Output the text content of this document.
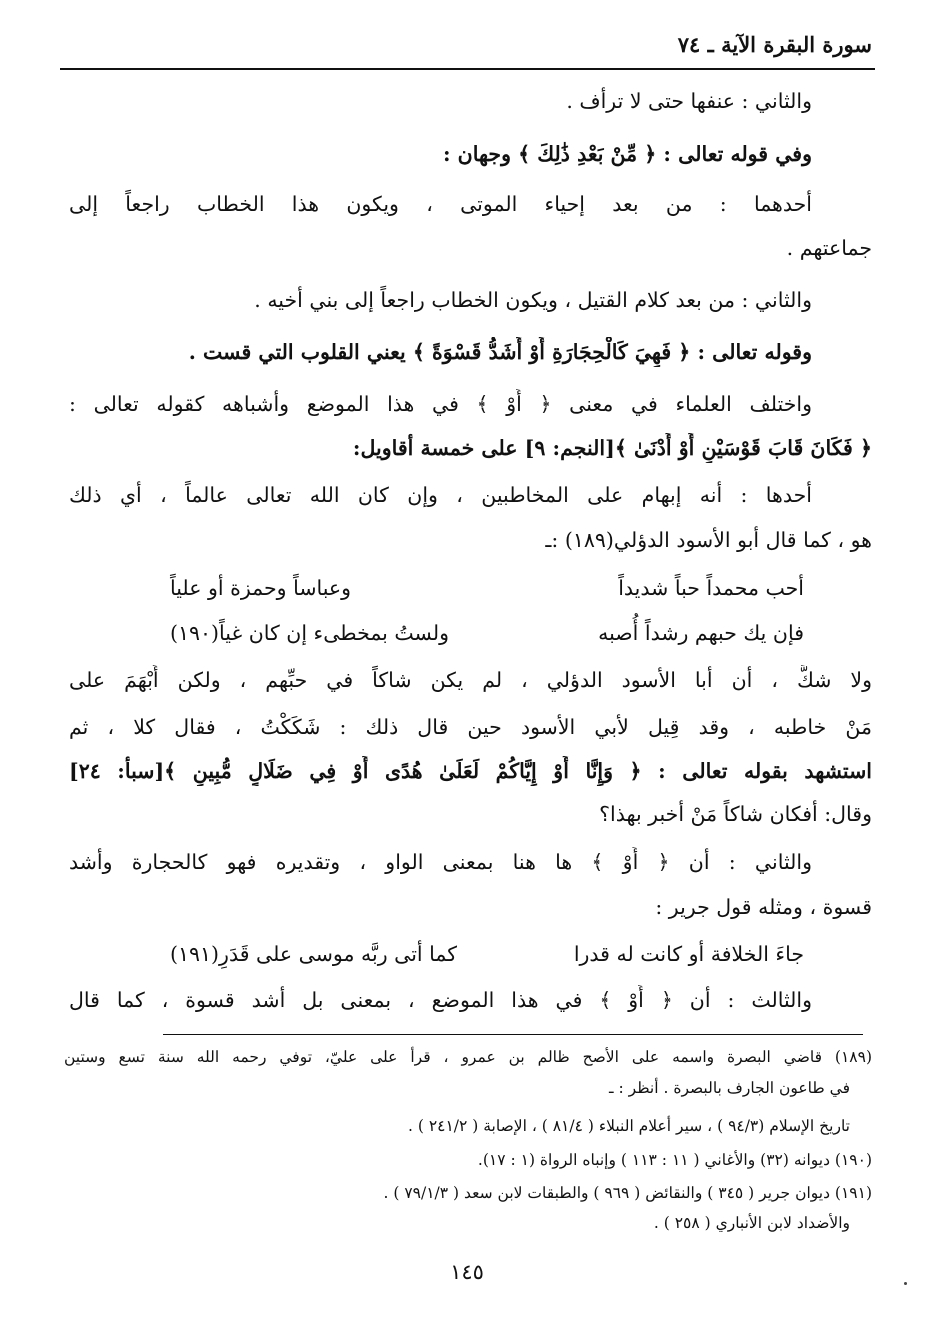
سورة البقرة الآية ـ ٧٤
والثاني : عنفها حتى لا ترأف .
وفي قوله تعالى : ﴿ مِّنْ بَعْدِ ذَٰلِكَ ﴾ وجهان :
أحدهما : من بعد إحياء الموتى ، ويكون هذا الخطاب راجعاً إلى
جماعتهم .
والثاني : من بعد كلام القتيل ، ويكون الخطاب راجعاً إلى بني أخيه .
وقوله تعالى : ﴿ فَهِيَ كَالْحِجَارَةِ أَوْ أَشَدُّ قَسْوَةً ﴾ يعني القلوب التي قست .
واختلف العلماء في معنى ﴿ أَوْ ﴾ في هذا الموضع وأشباهه كقوله تعالى :
﴿ فَكَانَ قَابَ قَوْسَيْنِ أَوْ أَدْنَىٰ ﴾[النجم: ٩] على خمسة أقاويل:
أحدها : أنه إبهام على المخاطبين ، وإن كان الله تعالى عالماً ، أي ذلك
هو ، كما قال أبو الأسود الدؤلي(١٨٩) :ـ
أحب محمداً حباً شديداً
وعباساً وحمزة أو علياً
فإن يك حبهم رشداً أُصبه
ولستُ بمخطىء إن كان غياً(١٩٠)
ولا شكَّ ، أن أبا الأسود الدؤلي ، لم يكن شاكاً في حبِّهم ، ولكن أَبْهَمَ على
مَنْ خاطبه ، وقد قِيل لأبي الأسود حين قال ذلك : شَكَكْتُ ، فقال كلا ، ثم
استشهد بقوله تعالى : ﴿ وَإِنَّا أَوْ إِيَّاكُمْ لَعَلَىٰ هُدًى أَوْ فِي ضَلَالٍ مُّبِينٍ ﴾[سبأ: ٢٤]
وقال: أفكان شاكاً مَنْ أخبر بهذا؟
والثاني : أن ﴿ أَوْ ﴾ ها هنا بمعنى الواو ، وتقديره فهو كالحجارة وأشد
قسوة ، ومثله قول جرير :
جاءَ الخلافة أو كانت له قدرا
كما أتى ربَّه موسى على قَدَرِ(١٩١)
والثالث : أن ﴿ أَوْ ﴾ في هذا الموضع ، بمعنى بل أشد قسوة ، كما قال
(١٨٩) قاضي البصرة واسمه على الأصح ظالم بن عمرو ، قرأ على عليّ، توفي رحمه الله سنة تسع وستين
في طاعون الجارف بالبصرة . أنظر : ـ
تاريخ الإسلام (٩٤/٣ ) ، سير أعلام النبلاء ( ٨١/٤ ) ، الإصابة ( ٢٤١/٢ ) .
(١٩٠) ديوانه (٣٢) والأغاني ( ١١ : ١١٣ ) وإنباه الرواة (١ : ١٧).
(١٩١) ديوان جرير ( ٣٤٥ ) والنقائض ( ٩٦٩ ) والطبقات لابن سعد ( ٧٩/١/٣ ) .
والأضداد لابن الأنباري ( ٢٥٨ ) .
١٤٥
